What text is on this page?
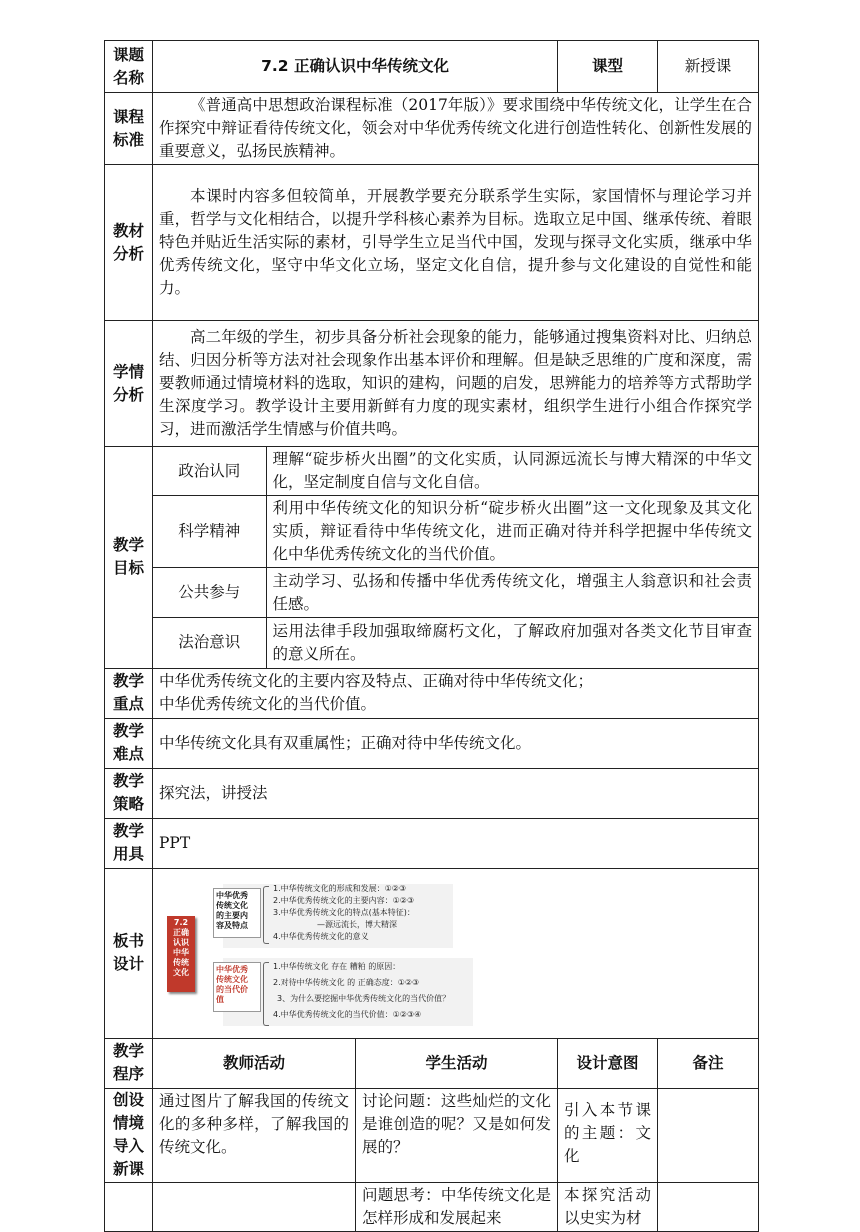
课题
名称	7.2 正确认识中华传统文化	课型	新授课
课程
标准	《普通高中思想政治课程标准（2017年版）》要求围绕中华传统文化，让学生在合作探究中辩证看待传统文化，领会对中华优秀传统文化进行创造性转化、创新性发展的重要意义，弘扬民族精神。
教材
分析	本课时内容多但较简单，开展教学要充分联系学生实际，家国情怀与理论学习并重，哲学与文化相结合，以提升学科核心素养为目标。选取立足中国、继承传统、着眼特色并贴近生活实际的素材，引导学生立足当代中国，发现与探寻文化实质，继承中华优秀传统文化，坚守中华文化立场，坚定文化自信，提升参与文化建设的自觉性和能力。
学情
分析	高二年级的学生，初步具备分析社会现象的能力，能够通过搜集资料对比、归纳总结、归因分析等方法对社会现象作出基本评价和理解。但是缺乏思维的广度和深度，需要教师通过情境材料的选取，知识的建构，问题的启发，思辨能力的培养等方式帮助学生深度学习。教学设计主要用新鲜有力度的现实素材，组织学生进行小组合作探究学习，进而激活学生情感与价值共鸣。
教学
目标	
政治认同	理解“碇步桥火出圈”的文化实质，认同源远流长与博大精深的中华文化，坚定制度自信与文化自信。
科学精神	利用中华传统文化的知识分析“碇步桥火出圈”这一文化现象及其文化实质，辩证看待中华传统文化，进而正确对待并科学把握中华传统文化中华优秀传统文化的当代价值。
公共参与	主动学习、弘扬和传播中华优秀传统文化，增强主人翁意识和社会责任感。
法治意识	运用法律手段加强取缔腐朽文化，了解政府加强对各类文化节目审查的意义所在。

教学
重点	
中华优秀传统文化的主要内容及特点、正确对待中华传统文化；
中华优秀传统文化的当代价值。

教学
难点	中华传统文化具有双重属性；正确对待中华传统文化。
教学
策略	探究法，讲授法
教学
用具	PPT
板书
设计	
7.2
正确
认识
中华
传统
文化
中华优秀
传统文化
的主要内
容及特点
1.中华传统文化的形成和发展：①②③
2.中华优秀传统文化的主要内容：①②③
3.中华优秀传统文化的特点(基本特征)：
—源远流长，博大精深
4.中华优秀传统文化的意义
中华优秀
传统文化
的当代价
值
1.中华传统文化 存在 糟粕 的原因：
2.对待中华传统文化 的 正确态度：①②③
3、为什么要挖掘中华优秀传统文化的当代价值？
4.中华优秀传统文化的当代价值：①②③④

教学
程序	教师活动	学生活动	设计意图	备注
创设
情境
导入
新课	通过图片了解我国的传统文化的多种多样，了解我国的传统文化。	讨论问题：这些灿烂的文化是谁创造的呢？又是如何发展的？	引入本节课的主题：文化	
		问题思考：中华传统文化是怎样形成和发展起来	本探究活动以史实为材	
